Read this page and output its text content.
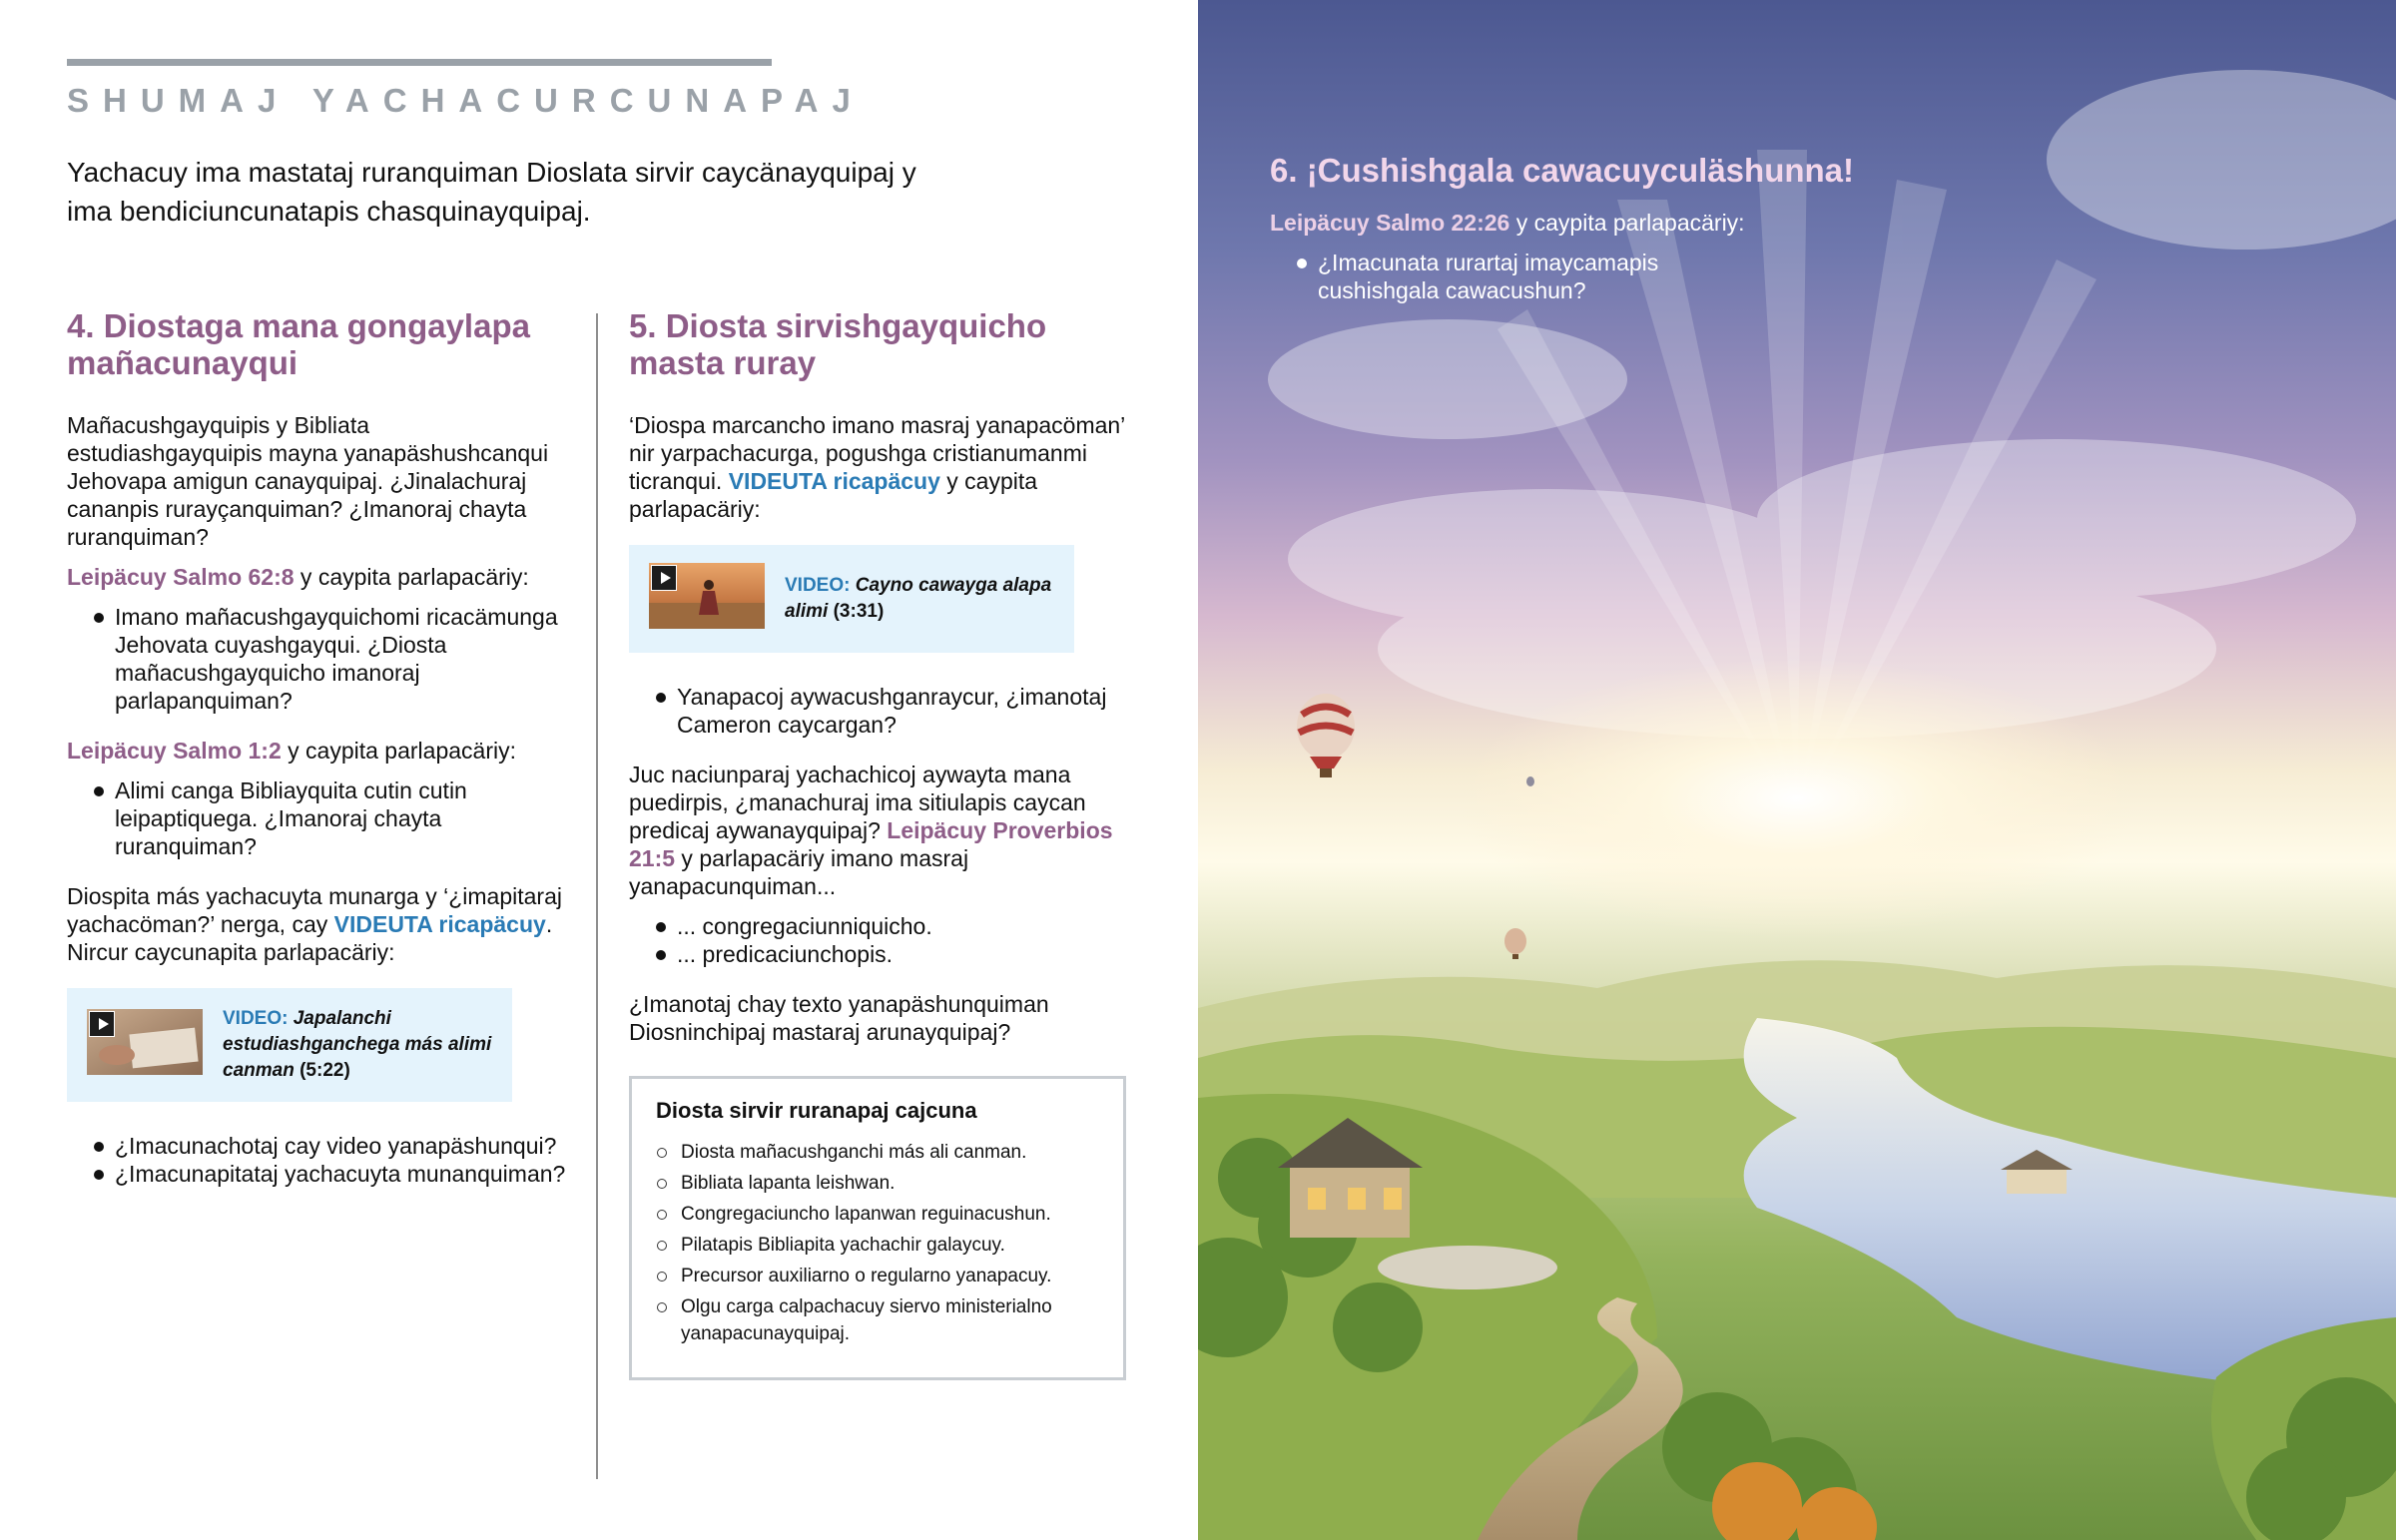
SHUMAJ YACHACURCUNAPAJ

Yachacuy ima mastataj ruranquiman Dioslata sirvir caycänayquipaj y ima bendiciuncunatapis chasquinayquipaj.

4. Diostaga mana gongaylapa mañacunayqui

Mañacushgayquipis y Bibliata estudiashgayquipis mayna yanapäshushcanqui Jehovapa amigun canayquipaj. ¿Jinalachuraj cananpis rurayçanquiman? ¿Imanoraj chayta ruranquiman?

Leipäcuy Salmo 62:8 y caypita parlapacäriy:

Imano mañacushgayquichomi ricacämunga Jehovata cuyashgayqui. ¿Diosta mañacushgayquicho imanoraj parlapanquiman?

Leipäcuy Salmo 1:2 y caypita parlapacäriy:

Alimi canga Bibliayquita cutin cutin leipaptiquega. ¿Imanoraj chayta ruranquiman?

Diospita más yachacuyta munarga y ‘¿imapitaraj yachacöman?’ nerga, cay VIDEUTA ricapäcuy. Nircur caycunapita parlapacäriy:

VIDEO: Japalanchi estudiashganchega más alimi canman (5:22)
¿Imacunachotaj cay video yanapäshunqui?
¿Imacunapitataj yachacuyta munanquiman?
5. Diosta sirvishgayquicho masta ruray

‘Diospa marcancho imano masraj yanapacöman’ nir yarpachacurga, pogushga cristianumanmi ticranqui. VIDEUTA ricapäcuy y caypita parlapacäriy:

VIDEO: Cayno cawayga alapa alimi (3:31)
Yanapacoj aywacushganraycur, ¿imanotaj Cameron caycargan?

Juc naciunparaj yachachicoj aywayta mana puedirpis, ¿manachuraj ima sitiulapis caycan predicaj aywanayquipaj? Leipäcuy Proverbios 21:5 y parlapacäriy imano masraj yanapacunquiman...

... congregaciunniquicho.
... predicaciunchopis.

¿Imanotaj chay texto yanapäshunquiman Diosninchipaj mastaraj arunayquipaj?

Diosta sirvir ruranapaj cajcuna
Diosta mañacushganchi más ali canman.
Bibliata lapanta leishwan.
Congregaciuncho lapanwan reguinacushun.
Pilatapis Bibliapita yachachir galaycuy.
Precursor auxiliarno o regularno yanapacuy.
Olgu carga calpachacuy siervo ministerialno yanapacunayquipaj.
6. ¡Cushishgala cawacuyculäshunna!

Leipäcuy Salmo 22:26 y caypita parlapacäriy:

¿Imacunata rurartaj imaycamapis cushishgala cawacushun?
